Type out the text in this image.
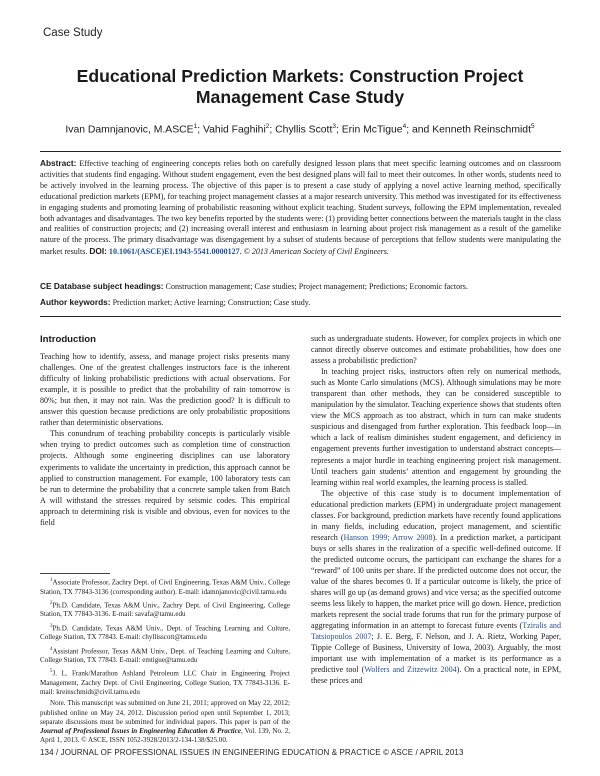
Case Study
Educational Prediction Markets: Construction Project Management Case Study
Ivan Damnjanovic, M.ASCE$^1$; Vahid Faghihi$^2$; Chyllis Scott$^3$; Erin McTigue$^4$; and Kenneth Reinschmidt$^5$
Abstract: Effective teaching of engineering concepts relies both on carefully designed lesson plans that meet specific learning outcomes and on classroom activities that students find engaging. Without student engagement, even the best designed plans will fail to meet their outcomes. In other words, students need to be actively involved in the learning process. The objective of this paper is to present a case study of applying a novel active learning method, specifically educational prediction markets (EPM), for teaching project management classes at a major research university. This method was investigated for its effectiveness in engaging students and promoting learning of probabilistic reasoning without explicit teaching. Student surveys, following the EPM implementation, revealed both advantages and disadvantages. The two key benefits reported by the students were: (1) providing better connections between the materials taught in the class and realities of construction projects; and (2) increasing overall interest and enthusiasm in learning about project risk management as a result of the gamelike nature of the process. The primary disadvantage was disengagement by a subset of students because of perceptions that fellow students were manipulating the market results. DOI: 10.1061/(ASCE)EI.1943-5541.0000127. © 2013 American Society of Civil Engineers.
CE Database subject headings: Construction management; Case studies; Project management; Predictions; Economic factors.
Author keywords: Prediction market; Active learning; Construction; Case study.
Introduction

Teaching how to identify, assess, and manage project risks presents many challenges. One of the greatest challenges instructors face is the inherent difficulty of linking probabilistic predictions with actual observations. For example, it is possible to predict that the probability of rain tomorrow is 80%; but then, it may not rain. Was the prediction good? It is difficult to answer this question because predictions are only probabilistic propositions rather than deterministic observations.

This conundrum of teaching probability concepts is particularly visible when trying to predict outcomes such as completion time of construction projects. Although some engineering disciplines can use laboratory experiments to validate the uncertainty in prediction, this approach cannot be applied to construction management. For example, 100 laboratory tests can be run to determine the probability that a concrete sample taken from Batch A will withstand the stresses required by seismic codes. This empirical approach to determining risk is visible and obvious, even for novices to the field

$^1$Associate Professor, Zachry Dept. of Civil Engineering, Texas A&M Univ., College Station, TX 77843-3136 (corresponding author). E-mail: idamnjanovic@civil.tamu.edu

$^2$Ph.D. Candidate, Texas A&M Univ., Zachry Dept. of Civil Engineering, College Station, TX 77843-3136. E-mail: savafa@tamu.edu

$^3$Ph.D. Candidate, Texas A&M Univ., Dept. of Teaching Learning and Culture, College Station, TX 77843. E-mail: chyllisscott@tamu.edu

$^4$Assistant Professor, Texas A&M Univ., Dept. of Teaching Learning and Culture, College Station, TX 77843. E-mail: emtigue@tamu.edu

$^5$J. L. Frank/Marathon Ashland Petroleum LLC Chair in Engineering Project Management, Zachry Dept. of Civil Engineering, College Station, TX 77843-3136. E-mail: kreinschmidt@civil.tamu.edu

Note. This manuscript was submitted on June 21, 2011; approved on May 22, 2012; published online on May 24, 2012. Discussion period open until September 1, 2013; separate discussions must be submitted for individual papers. This paper is part of the Journal of Professional Issues in Engineering Education & Practice, Vol. 139, No. 2, April 1, 2013. © ASCE, ISSN 1052-3928/2013/2-134-138/$25.00.

such as undergraduate students. However, for complex projects in which one cannot directly observe outcomes and estimate probabilities, how does one assess a probabilistic prediction?

In teaching project risks, instructors often rely on numerical methods, such as Monte Carlo simulations (MCS). Although simulations may be more transparent than other methods, they can be considered susceptible to manipulation by the simulator. Teaching experience shows that students often view the MCS approach as too abstract, which in turn can make students suspicious and disengaged from further exploration. This feedback loop—in which a lack of realism diminishes student engagement, and deficiency in engagement prevents further investigation to understand abstract concepts—represents a major hurdle in teaching engineering project risk management. Until teachers gain students’ attention and engagement by grounding the learning within real world examples, the learning process is stalled.

The objective of this case study is to document implementation of educational prediction markets (EPM) in undergraduate project management classes. For background, prediction markets have recently found applications in many fields, including education, project management, and scientific research (Hanson 1999; Arrow 2008). In a prediction market, a participant buys or sells shares in the realization of a specific well-defined outcome. If the predicted outcome occurs, the participant can exchange the shares for a “reward” of 100 units per share. If the predicted outcome does not occur, the value of the shares becomes 0. If a particular outcome is likely, the price of shares will go up (as demand grows) and vice versa; as the specified outcome seems less likely to happen, the market price will go down. Hence, prediction markets represent the social trade forums that run for the primary purpose of aggregating information in an attempt to forecast future events (Tziralis and Tatsiopoulos 2007; J. E. Berg, F. Nelson, and J. A. Rietz, Working Paper, Tippie College of Business, University of Iowa, 2003). Arguably, the most important use with implementation of a market is its performance as a predictive tool (Wolfers and Zitzewitz 2004). On a practical note, in EPM, these prices and

134 / JOURNAL OF PROFESSIONAL ISSUES IN ENGINEERING EDUCATION & PRACTICE © ASCE / APRIL 2013
